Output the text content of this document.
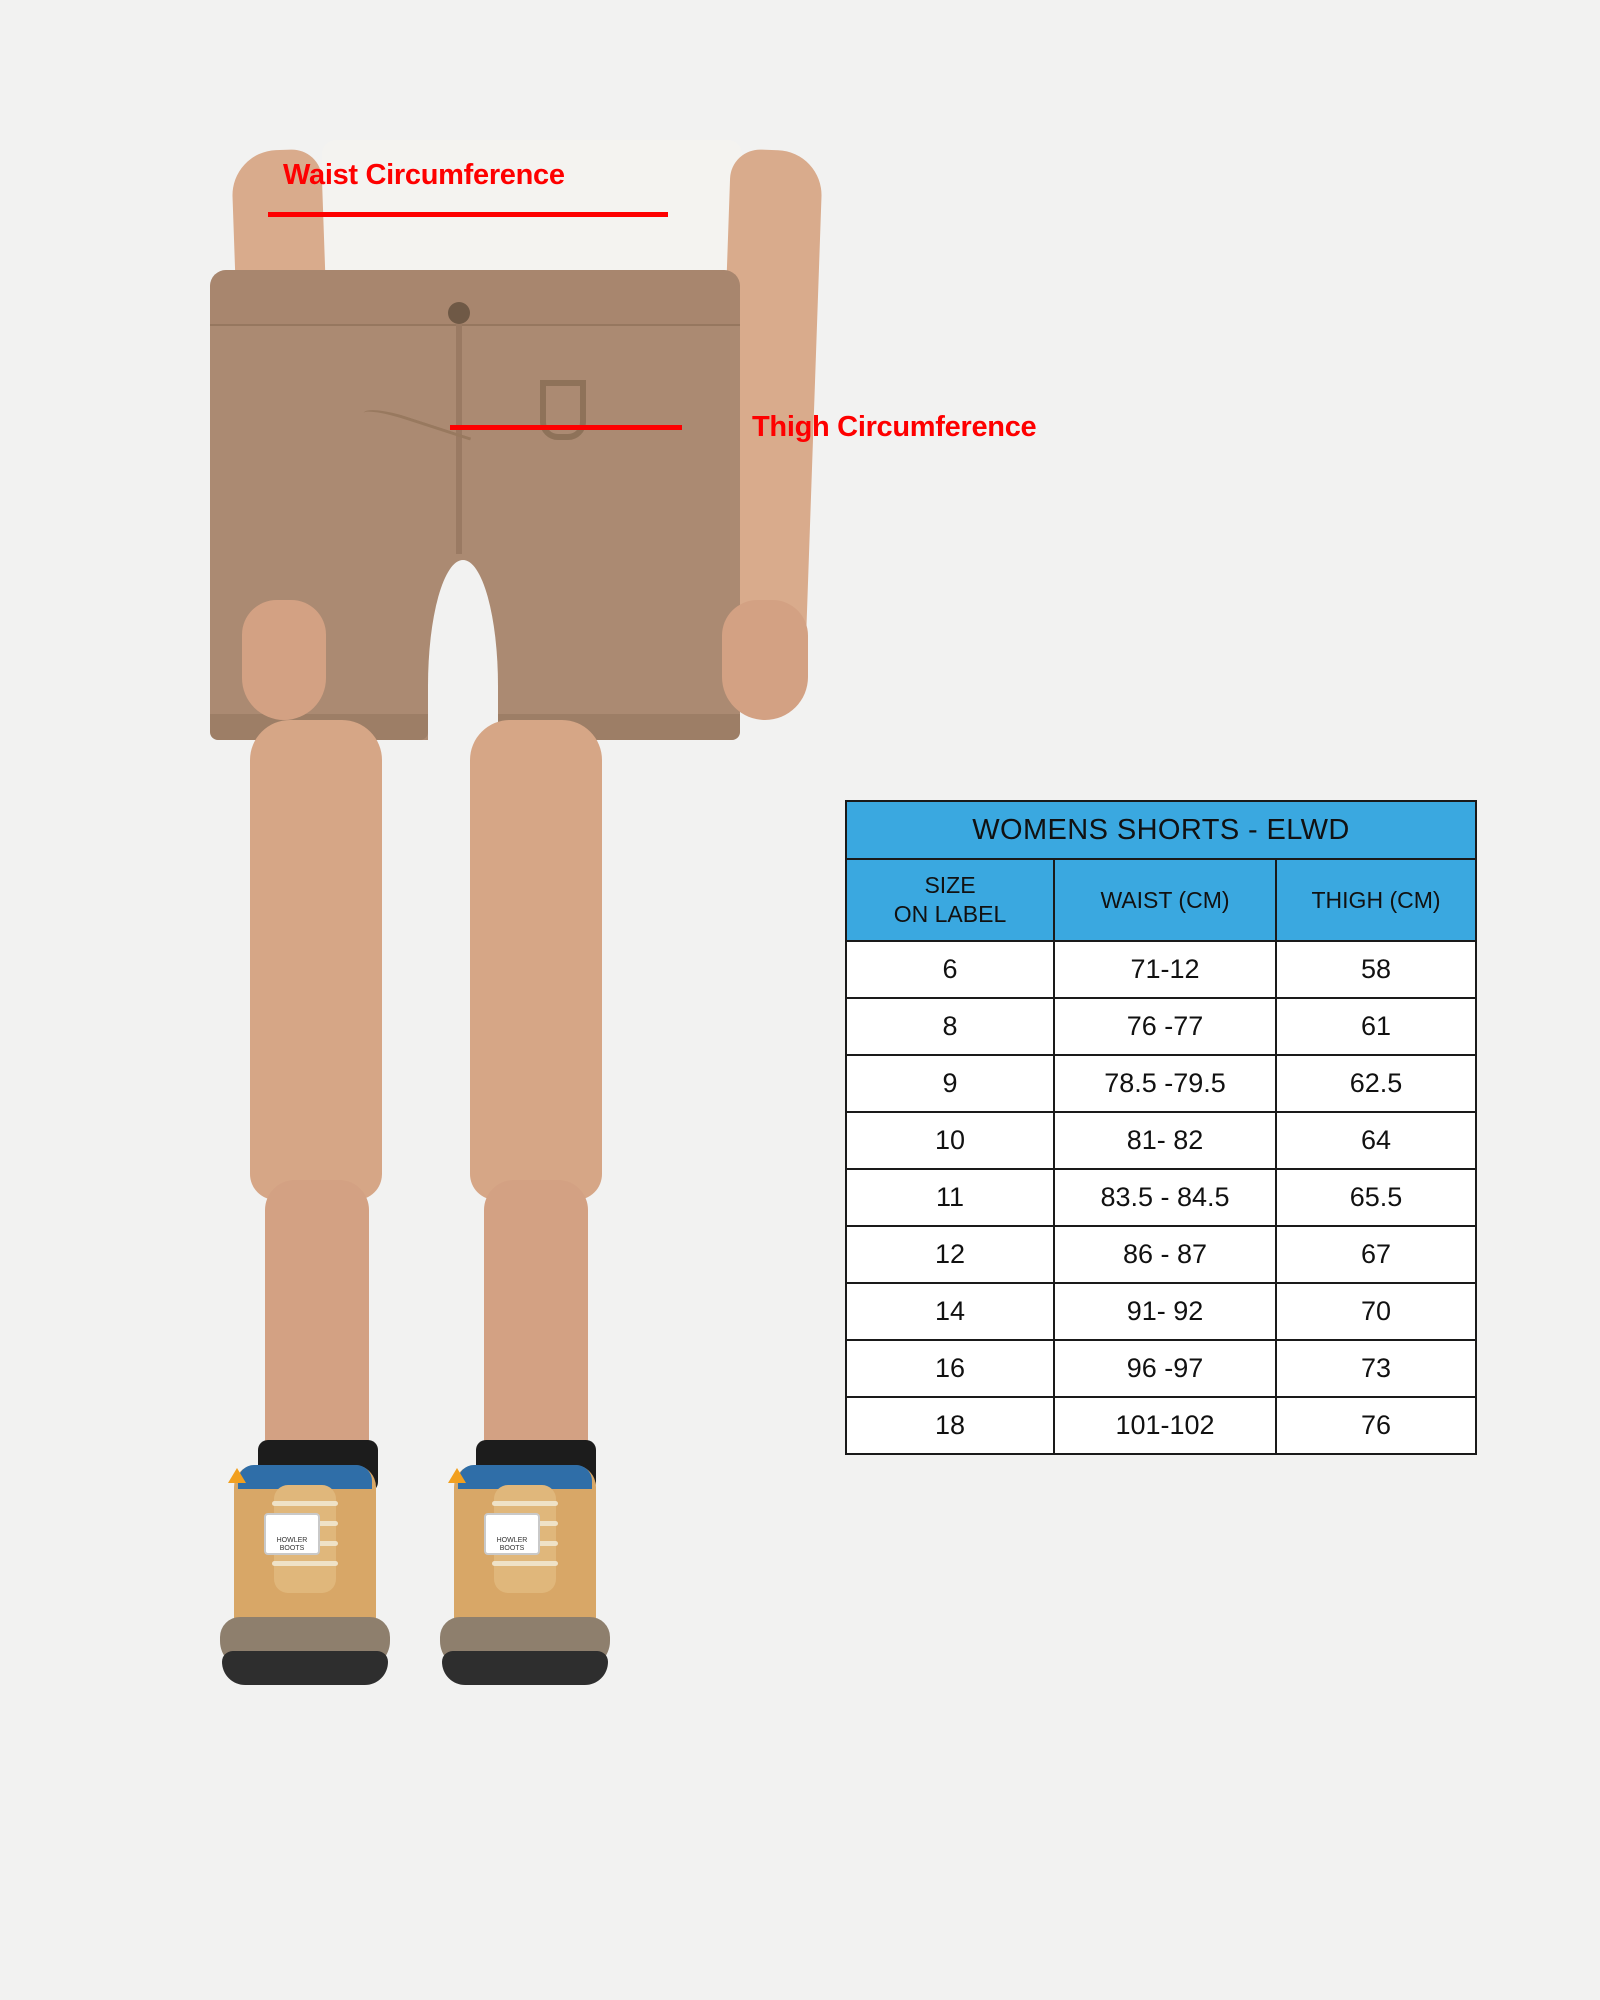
HOWLER BOOTS
HOWLER BOOTS
Waist Circumference
Thigh Circumference
WOMENS SHORTS - ELWD		

SIZE
ON LABEL	WAIST (CM)	THIGH (CM)
6	71-12	58
8	76 -77	61
9	78.5 -79.5	62.5
10	81- 82	64
11	83.5 - 84.5	65.5
12	86 - 87	67
14	91- 92	70
16	96 -97	73
18	101-102	76
